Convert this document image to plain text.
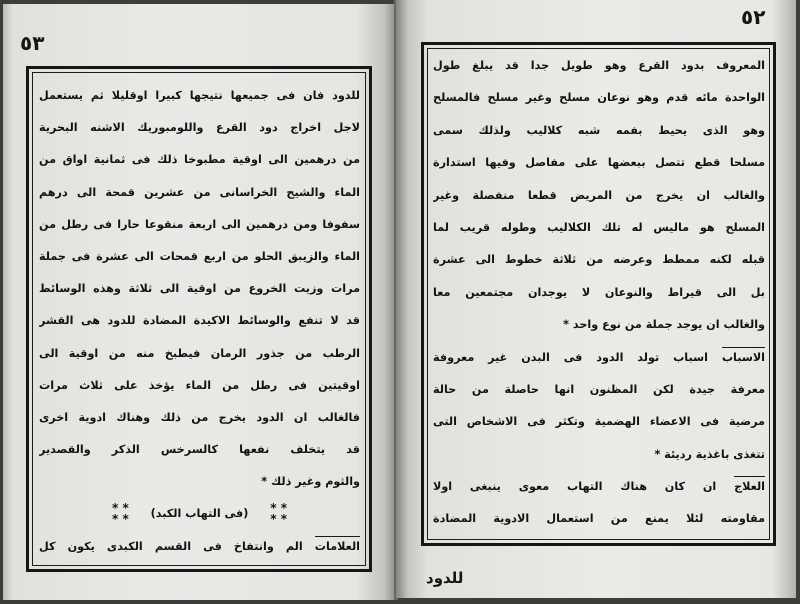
٥٣
للدود فان فى جميعها نتيجها كبيرا اوقليلا ثم يستعمل
لاجل اخراج دود القرع واللومبوريك الاشنه البحرية
من درهمين الى اوقية مطبوخا ذلك فى ثمانية اواق من
الماء والشيح الخراسانى من عشرين قمحة الى درهم
سفوفا ومن درهمين الى اربعة منقوعا حارا فى رطل من
الماء والزيبق الحلو من اربع قمحات الى عشرة فى جملة
مرات وزيت الخروع من اوقية الى ثلاثة وهذه الوسائط
قد لا تنفع والوسائط الاكيدة المضادة للدود هى القشر
الرطب من جذور الرمان فيطبخ منه من اوقية الى
اوقيتين فى رطل من الماء يؤخذ على ثلاث مرات
فالغالب ان الدود يخرج من ذلك وهناك ادوية اخرى
قد يتخلف نفعها كالسرخس الذكر والقصدير
والثوم وغير ذلك *
* *
* *
(فى التهاب الكبد)
* *
* *
العلامات الم وانتفاخ فى القسم الكبدى يكون كل
٥٢
المعروف بدود القرع وهو طويل جدا قد يبلغ طول
الواحدة مائه قدم وهو نوعان مسلح وغير مسلح فالمسلح
وهو الذى يحيط بفمه شبه كلاليب ولذلك سمى
مسلحا قطع تتصل ببعضها على مفاصل وفيها استدارة
والغالب ان يخرج من المريض قطعا منفصلة وغير
المسلح هو ماليس له تلك الكلاليب وطوله قريب لما
قبله لكنه ممطط وعرضه من ثلاثة خطوط الى عشرة
بل الى قيراط والنوعان لا يوجدان مجتمعين معا
والغالب ان يوجد جملة من نوع واحد *
الاسباب اسباب تولد الدود فى البدن غير معروفة
معرفة جيدة لكن المظنون انها حاصلة من حالة
مرضية فى الاعضاء الهضمية وتكثر فى الاشخاص التى
تتغذى باغذية رديئة *
العلاج ان كان هناك التهاب معوى ينبغى اولا
مقاومته لئلا يمنع من استعمال الادوية المضادة
للدود
